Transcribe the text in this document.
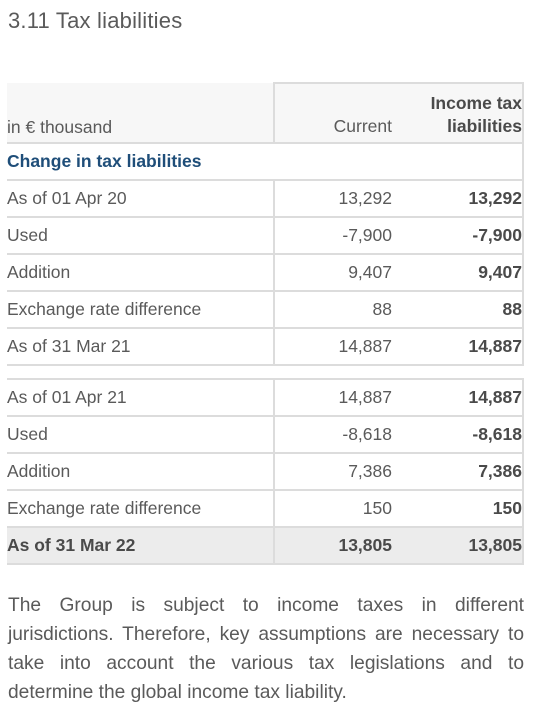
3.11 Tax liabilities
in € thousand	Current	Income tax
liabilities
Change in tax liabilities		
As of 01 Apr 20	13,292	13,292
Used	-7,900	-7,900
Addition	9,407	9,407
Exchange rate difference	88	88
As of 31 Mar 21	14,887	14,887

As of 01 Apr 21	14,887	14,887
Used	-8,618	-8,618
Addition	7,386	7,386
Exchange rate difference	150	150
As of 31 Mar 22	13,805	13,805

The Group is subject to income taxes in different jurisdictions. Therefore, key assumptions are necessary to take into account the various tax legislations and to determine the global income tax liability.
